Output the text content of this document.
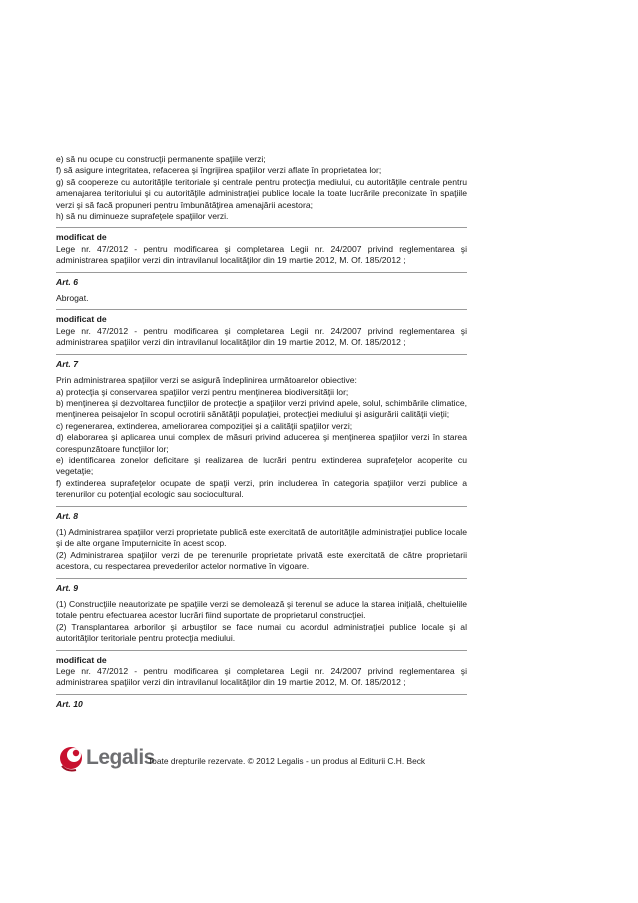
e) să nu ocupe cu construcţii permanente spaţiile verzi;

f) să asigure integritatea, refacerea şi îngrijirea spaţiilor verzi aflate în proprietatea lor;

g) să coopereze cu autorităţile teritoriale şi centrale pentru protecţia mediului, cu autorităţile centrale pentru amenajarea teritoriului şi cu autorităţile administraţiei publice locale la toate lucrările preconizate în spaţiile verzi şi să facă propuneri pentru îmbunătăţirea amenajării acestora;

h) să nu diminueze suprafeţele spaţiilor verzi.

modificat de

Lege nr. 47/2012 - pentru modificarea şi completarea Legii nr. 24/2007 privind reglementarea şi administrarea spaţiilor verzi din intravilanul localităţilor din 19 martie 2012, M. Of. 185/2012 ;

Art. 6

Abrogat.

modificat de

Lege nr. 47/2012 - pentru modificarea şi completarea Legii nr. 24/2007 privind reglementarea şi administrarea spaţiilor verzi din intravilanul localităţilor din 19 martie 2012, M. Of. 185/2012 ;

Art. 7

Prin administrarea spaţiilor verzi se asigură îndeplinirea următoarelor obiective:

a) protecţia şi conservarea spaţiilor verzi pentru menţinerea biodiversităţii lor;

b) menţinerea şi dezvoltarea funcţiilor de protecţie a spaţiilor verzi privind apele, solul, schimbările climatice, menţinerea peisajelor în scopul ocrotirii sănătăţii populaţiei, protecţiei mediului şi asigurării calităţii vieţii;

c) regenerarea, extinderea, ameliorarea compoziţiei şi a calităţii spaţiilor verzi;

d) elaborarea şi aplicarea unui complex de măsuri privind aducerea şi menţinerea spaţiilor verzi în starea corespunzătoare funcţiilor lor;

e) identificarea zonelor deficitare şi realizarea de lucrări pentru extinderea suprafeţelor acoperite cu vegetaţie;

f) extinderea suprafeţelor ocupate de spaţii verzi, prin includerea în categoria spaţiilor verzi publice a terenurilor cu potenţial ecologic sau sociocultural.

Art. 8

(1) Administrarea spaţiilor verzi proprietate publică este exercitată de autorităţile administraţiei publice locale şi de alte organe împuternicite în acest scop.

(2) Administrarea spaţiilor verzi de pe terenurile proprietate privată este exercitată de către proprietarii acestora, cu respectarea prevederilor actelor normative în vigoare.

Art. 9

(1) Construcţiile neautorizate pe spaţiile verzi se demolează şi terenul se aduce la starea iniţială, cheltuielile totale pentru efectuarea acestor lucrări fiind suportate de proprietarul construcţiei.

(2) Transplantarea arborilor şi arbuştilor se face numai cu acordul administraţiei publice locale şi al autorităţilor teritoriale pentru protecţia mediului.

modificat de

Lege nr. 47/2012 - pentru modificarea şi completarea Legii nr. 24/2007 privind reglementarea şi administrarea spaţiilor verzi din intravilanul localităţilor din 19 martie 2012, M. Of. 185/2012 ;

Art. 10

Legalis
Toate drepturile rezervate. © 2012 Legalis - un produs al Editurii C.H. Beck
